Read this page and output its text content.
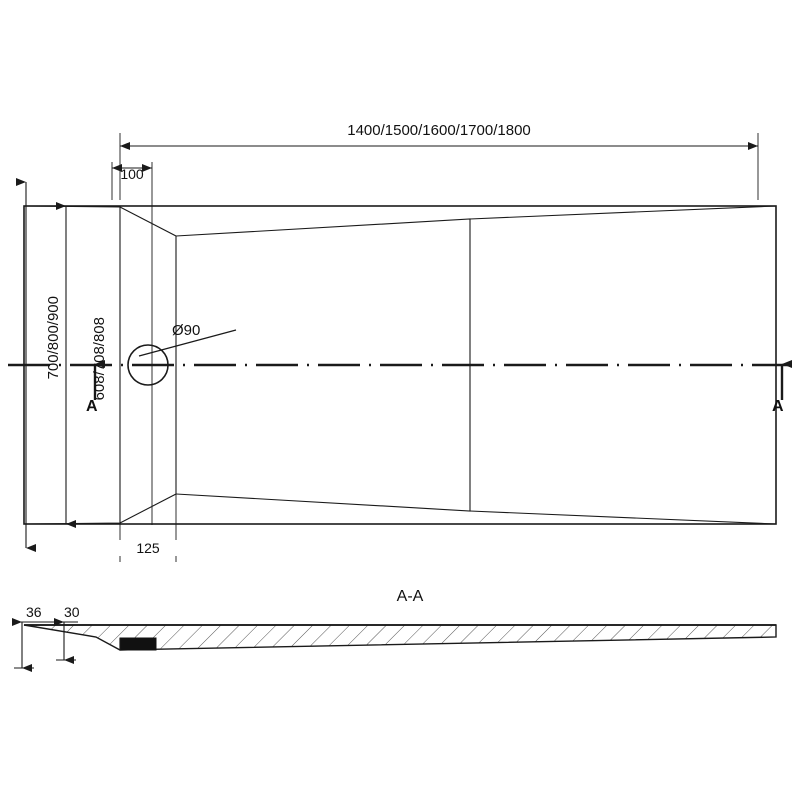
1400/1500/1600/1700/1800
100
700/800/900	608/708/808
	Ø90
125
A	A
A-A
36 30
